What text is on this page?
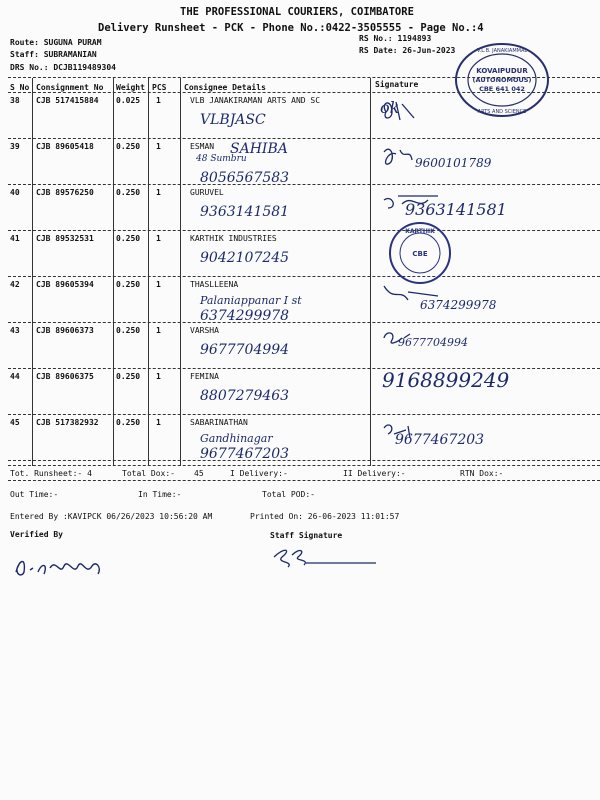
THE PROFESSIONAL COURIERS, COIMBATORE
Delivery Runsheet - PCK - Phone No.:0422-3505555 - Page No.:4
Route: SUGUNA PURAM
Staff: SUBRAMANIAN
DRS No.: DCJB119489304
RS No.: 1194893
RS Date: 26-Jun-2023
KOVAIPUDUR
(AUTONOMOUS)
CBE 641 042
V.L.B. JANAKIAMMAL
ARTS AND SCIENCE
S No Consignment No Weight PCS Consignee Details	Signature
38 CJB 517415884 0.025 1	VLB JANAKIRAMAN ARTS AND SC
VLBJASC
ok
39 CJB 89605418	0.250 1	ESMAN SAHIBA
8056567583
48 Sumbru	9600101789
40 CJB 89576250	0.250 1	GURUVEL
9363141581	9363141581
41 CJB 89532531	0.250 1	KARTHIK INDUSTRIES
9042107245
42 CJB 89605394	0.250 1	THASLLEENA
Palaniappanar I st
6374299978
6374299978
43 CJB 89606373	0.250 1	VARSHA
9677704994	9677704994
44 CJB 89606375	0.250 1	FEMINA
8807279463
9168899249
45 CJB 517382932 0.250 1	SABARINATHAN
Gandhinagar
9677467203
9677467203
KARTHIK
CBE
Tot. Runsheet:- 4	Total Dox:- 45	I Delivery:-	II Delivery:-	RTN Dox:-
Out Time:-	In Time:-	Total POD:-
Entered By :KAVIPCK 06/26/2023 10:56:20 AM	Printed On: 26-06-2023 11:01:57
Verified By	Staff Signature
